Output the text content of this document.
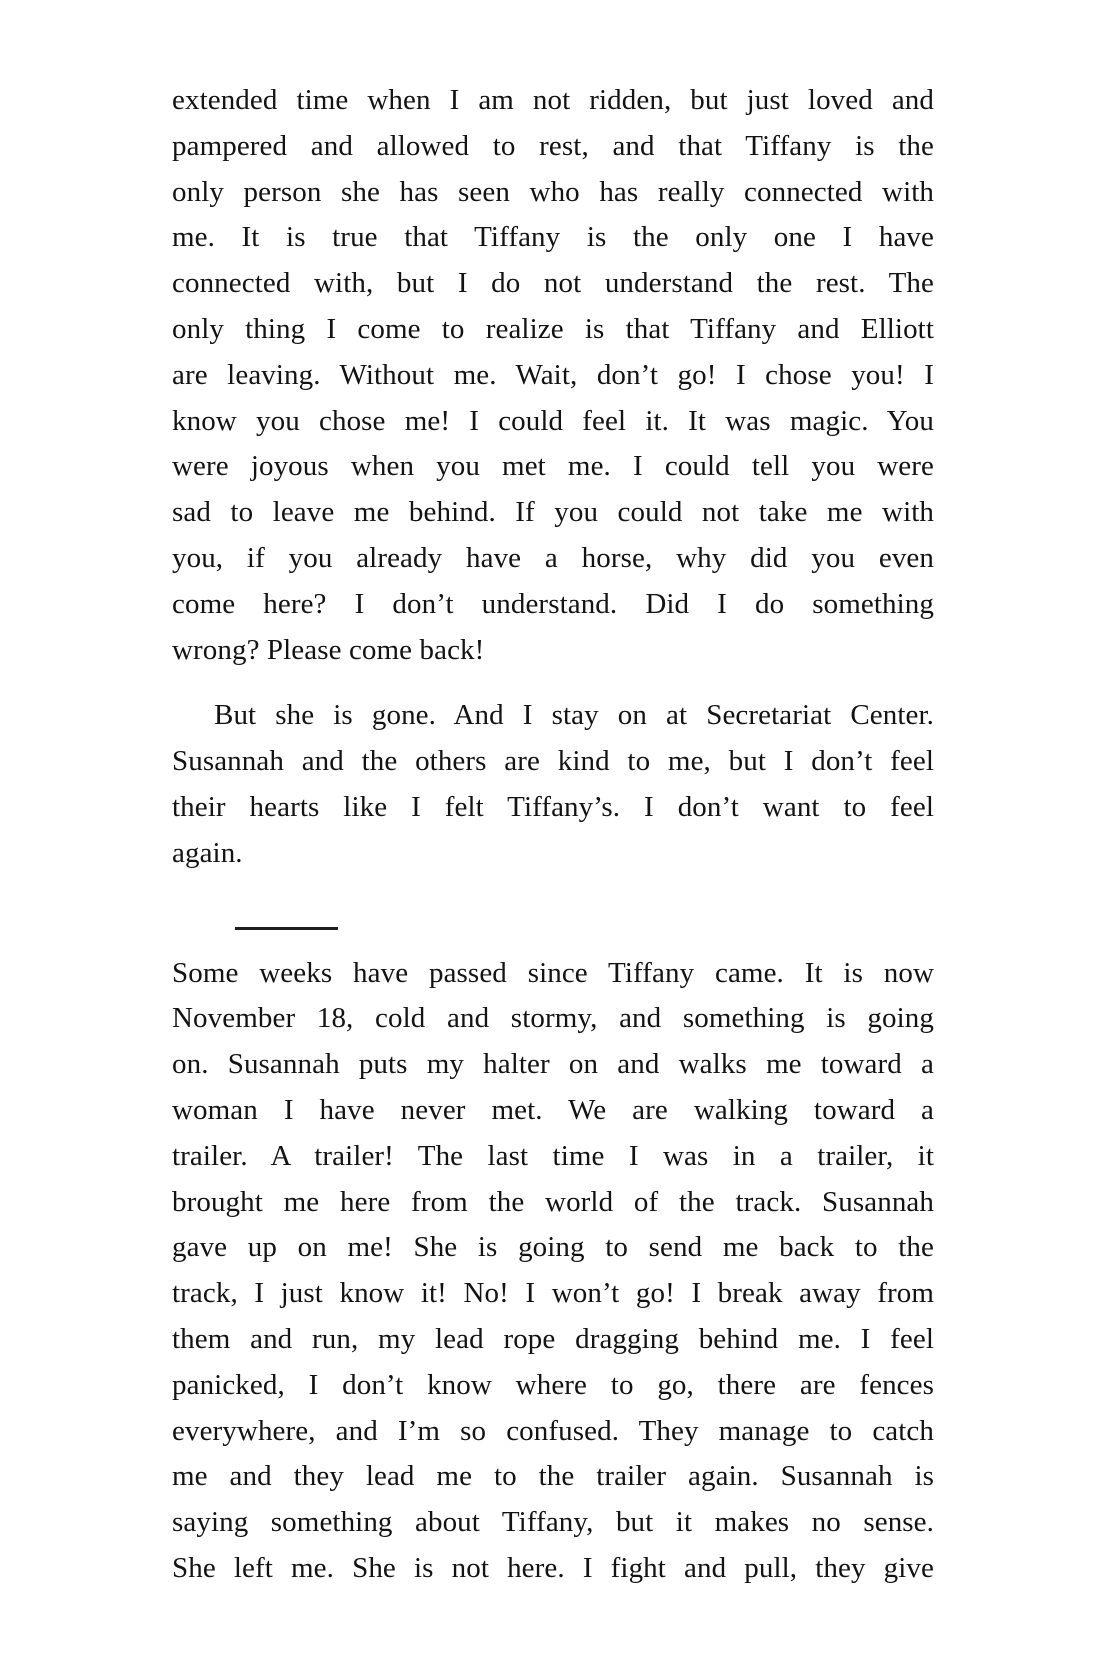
extended time when I am not ridden, but just loved and
pampered and allowed to rest, and that Tiffany is the
only person she has seen who has really connected with
me. It is true that Tiffany is the only one I have
connected with, but I do not understand the rest. The
only thing I come to realize is that Tiffany and Elliott
are leaving. Without me. Wait, don’t go! I chose you! I
know you chose me! I could feel it. It was magic. You
were joyous when you met me. I could tell you were
sad to leave me behind. If you could not take me with
you, if you already have a horse, why did you even
come here? I don’t understand. Did I do something
wrong? Please come back!
But she is gone. And I stay on at Secretariat Center.
Susannah and the others are kind to me, but I don’t feel
their hearts like I felt Tiffany’s. I don’t want to feel
again.
Some weeks have passed since Tiffany came. It is now
November 18, cold and stormy, and something is going
on. Susannah puts my halter on and walks me toward a
woman I have never met. We are walking toward a
trailer. A trailer! The last time I was in a trailer, it
brought me here from the world of the track. Susannah
gave up on me! She is going to send me back to the
track, I just know it! No! I won’t go! I break away from
them and run, my lead rope dragging behind me. I feel
panicked, I don’t know where to go, there are fences
everywhere, and I’m so confused. They manage to catch
me and they lead me to the trailer again. Susannah is
saying something about Tiffany, but it makes no sense.
She left me. She is not here. I fight and pull, they give
